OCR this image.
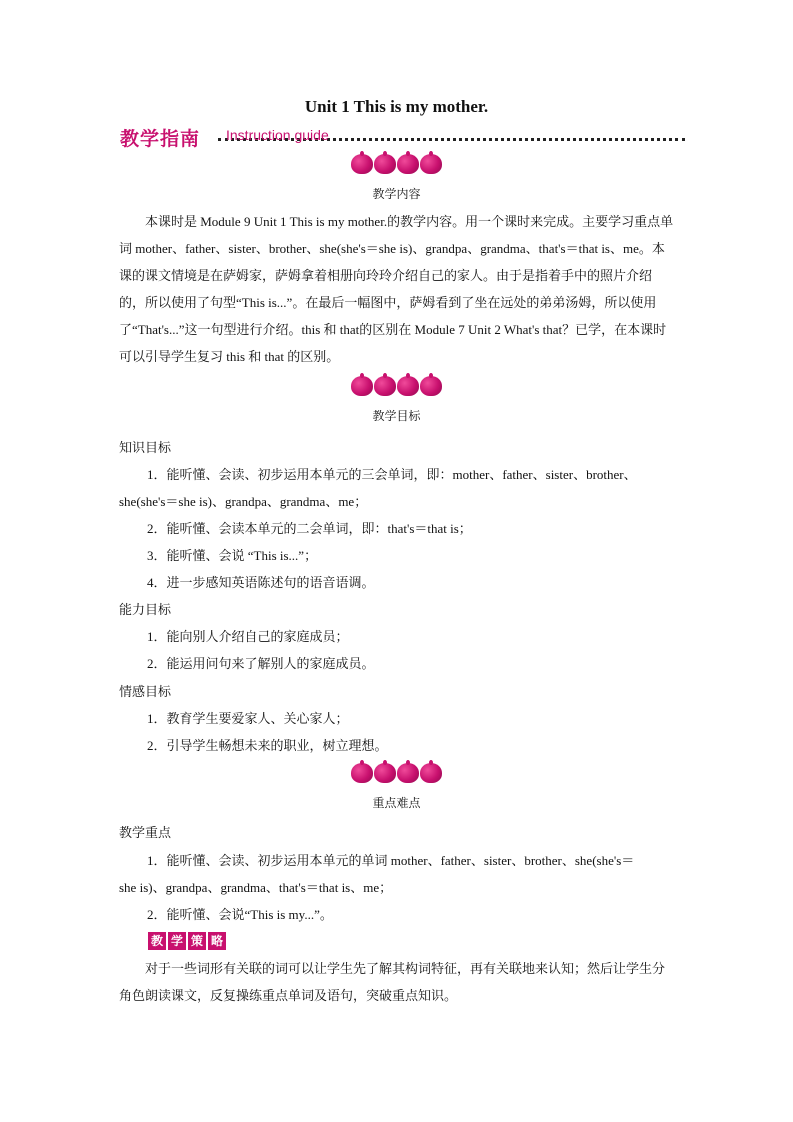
Unit 1 This is my mother.
教学指南 Instruction guide
教学内容
本课时是 Module 9 Unit 1 This is my mother.的教学内容。用一个课时来完成。主要学习重点单词 mother、father、sister、brother、she(she's＝she is)、grandpa、grandma、that's＝that is、me。本课的课文情境是在萨姆家，萨姆拿着相册向玲玲介绍自己的家人。由于是指着手中的照片介绍的，所以使用了句型“This is...”。在最后一幅图中，萨姆看到了坐在远处的弟弟汤姆，所以使用了“That's...”这一句型进行介绍。this 和 that的区别在 Module 7 Unit 2 What's that？已学，在本课时可以引导学生复习 this 和 that 的区别。
教学目标
知识目标
1．能听懂、会读、初步运用本单元的三会单词，即：mother、father、sister、brother、
she(she's＝she is)、grandpa、grandma、me；
2．能听懂、会读本单元的二会单词，即：that's＝that is；
3．能听懂、会说 “This is...”；
4．进一步感知英语陈述句的语音语调。
能力目标
1．能向别人介绍自己的家庭成员；
2．能运用问句来了解别人的家庭成员。
情感目标
1．教育学生要爱家人、关心家人；
2．引导学生畅想未来的职业，树立理想。
重点难点
教学重点
1．能听懂、会读、初步运用本单元的单词 mother、father、sister、brother、she(she's＝
she is)、grandpa、grandma、that's＝that is、me；
2．能听懂、会说“This is my...”。
教 学 策 略
对于一些词形有关联的词可以让学生先了解其构词特征，再有关联地来认知；然后让学生分角色朗读课文，反复操练重点单词及语句，突破重点知识。
